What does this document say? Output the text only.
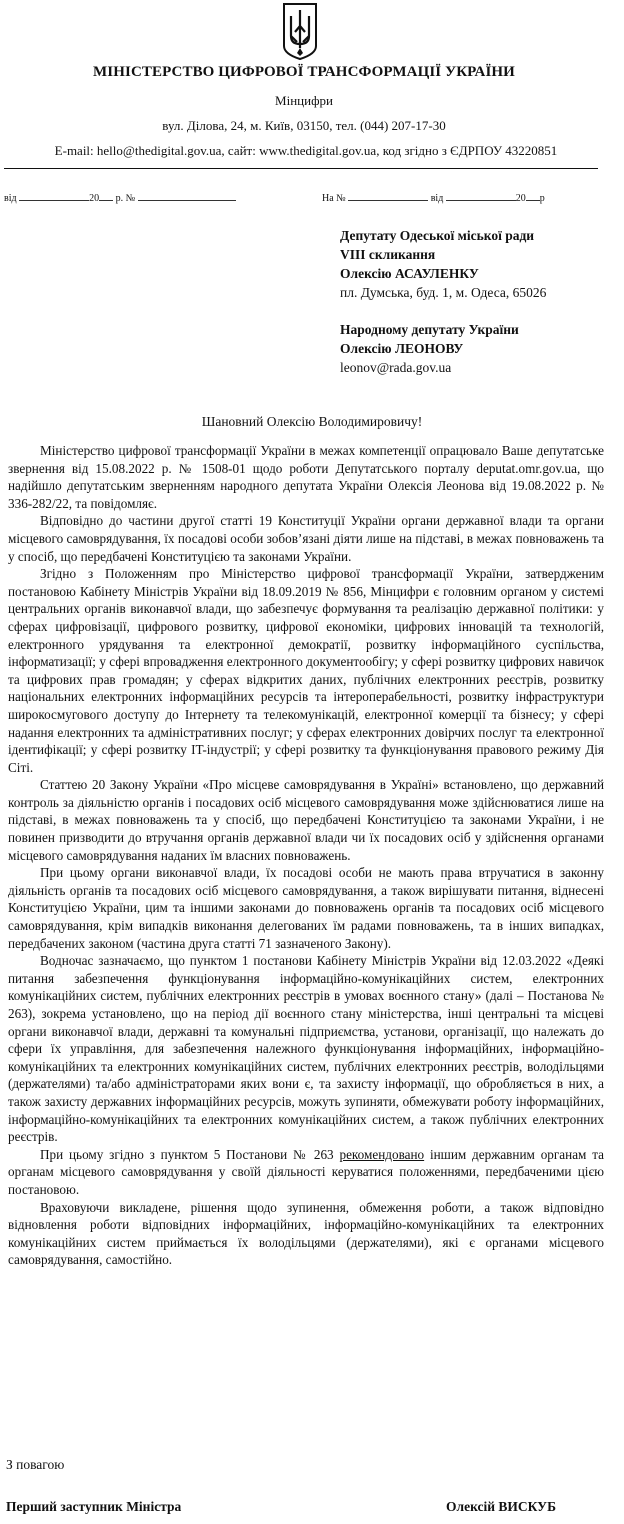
МІНІСТЕРСТВО ЦИФРОВОЇ ТРАНСФОРМАЦІЇ УКРАЇНИ
Мінцифри
вул. Ділова, 24, м. Київ, 03150, тел. (044) 207-17-30
E-mail: hello@thedigital.gov.ua, сайт: www.thedigital.gov.ua, код згідно з ЄДРПОУ 43220851
від	20 р. №	На №	від	20 р
Депутату Одеської міської ради
VIII скликання
Олексію АСАУЛЕНКУ
пл. Думська, буд. 1, м. Одеса, 65026
Народному депутату України
Олексію ЛЕОНОВУ
leonov@rada.gov.ua
Шановний Олексію Володимировичу!

Міністерство цифрової трансформації України в межах компетенції опрацювало Ваше депутатське звернення від 15.08.2022 р. № 1508-01 щодо роботи Депутатського порталу deputat.omr.gov.ua, що надійшло депутатським зверненням народного депутата України Олексія Леонова від 19.08.2022 р. № 336-282/22, та повідомляє.

Відповідно до частини другої статті 19 Конституції України органи державної влади та органи місцевого самоврядування, їх посадові особи зобов’язані діяти лише на підставі, в межах повноважень та у спосіб, що передбачені Конституцією та законами України.

Згідно з Положенням про Міністерство цифрової трансформації України, затвердженим постановою Кабінету Міністрів України від 18.09.2019 № 856, Мінцифри є головним органом у системі центральних органів виконавчої влади, що забезпечує формування та реалізацію державної політики: у сферах цифровізації, цифрового розвитку, цифрової економіки, цифрових інновацій та технологій, електронного урядування та електронної демократії, розвитку інформаційного суспільства, інформатизації; у сфері впровадження електронного документообігу; у сфері розвитку цифрових навичок та цифрових прав громадян; у сферах відкритих даних, публічних електронних реєстрів, розвитку національних електронних інформаційних ресурсів та інтероперабельності, розвитку інфраструктури широкосмугового доступу до Інтернету та телекомунікацій, електронної комерції та бізнесу; у сфері надання електронних та адміністративних послуг; у сферах електронних довірчих послуг та електронної ідентифікації; у сфері розвитку IT-індустрії; у сфері розвитку та функціонування правового режиму Дія Сіті.

Статтею 20 Закону України «Про місцеве самоврядування в Україні» встановлено, що державний контроль за діяльністю органів і посадових осіб місцевого самоврядування може здійснюватися лише на підставі, в межах повноважень та у спосіб, що передбачені Конституцією та законами України, і не повинен призводити до втручання органів державної влади чи їх посадових осіб у здійснення органами місцевого самоврядування наданих їм власних повноважень.

При цьому органи виконавчої влади, їх посадові особи не мають права втручатися в законну діяльність органів та посадових осіб місцевого самоврядування, а також вирішувати питання, віднесені Конституцією України, цим та іншими законами до повноважень органів та посадових осіб місцевого самоврядування, крім випадків виконання делегованих їм радами повноважень, та в інших випадках, передбачених законом (частина друга статті 71 зазначеного Закону).

Водночас зазначаємо, що пунктом 1 постанови Кабінету Міністрів України від 12.03.2022 «Деякі питання забезпечення функціонування інформаційно-комунікаційних систем, електронних комунікаційних систем, публічних електронних реєстрів в умовах воєнного стану» (далі – Постанова № 263), зокрема установлено, що на період дії воєнного стану міністерства, інші центральні та місцеві органи виконавчої влади, державні та комунальні підприємства, установи, організації, що належать до сфери їх управління, для забезпечення належного функціонування інформаційних, інформаційно-комунікаційних та електронних комунікаційних систем, публічних електронних реєстрів, володільцями (держателями) та/або адміністраторами яких вони є, та захисту інформації, що обробляється в них, а також захисту державних інформаційних ресурсів, можуть зупиняти, обмежувати роботу інформаційних, інформаційно-комунікаційних та електронних комунікаційних систем, а також публічних електронних реєстрів.

При цьому згідно з пунктом 5 Постанови № 263 рекомендовано іншим державним органам та органам місцевого самоврядування у своїй діяльності керуватися положеннями, передбаченими цією постановою.

Враховуючи викладене, рішення щодо зупинення, обмеження роботи, а також відповідно відновлення роботи відповідних інформаційних, інформаційно-комунікаційних та електронних комунікаційних систем приймається їх володільцями (держателями), які є органами місцевого самоврядування, самостійно.

З повагою
Перший заступник Міністра	Олексій ВИСКУБ
